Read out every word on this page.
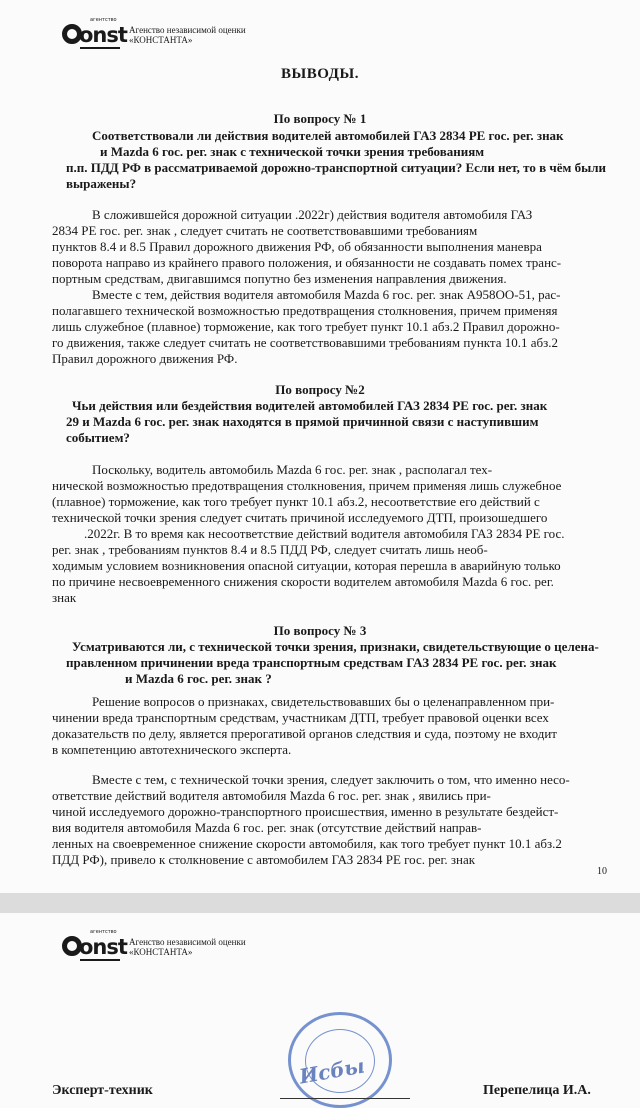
агентство
onst Агенство независимой оценки
«КОНСТАНТА»
ВЫВОДЫ.
По вопросу № 1
Соответствовали ли действия водителей автомобилей ГАЗ 2834 РЕ гос. рег. знак
и Mazda 6 гос. рег. знак с технической точки зрения требованиям
п.п. ПДД РФ в рассматриваемой дорожно-транспортной ситуации? Если нет, то в чём были
выражены?
В сложившейся дорожной ситуации .2022г) действия водителя автомобиля ГАЗ
2834 РЕ гос. рег. знак , следует считать не соответствовавшими требованиям
пунктов 8.4 и 8.5 Правил дорожного движения РФ, об обязанности выполнения маневра
поворота направо из крайнего правого положения, и обязанности не создавать помех транс-
портным средствам, двигавшимся попутно без изменения направления движения.
Вместе с тем, действия водителя автомобиля Mazda 6 гос. рег. знак А958ОО-51, рас-
полагавшего технической возможностью предотвращения столкновения, причем применяя
лишь служебное (плавное) торможение, как того требует пункт 10.1 абз.2 Правил дорожно-
го движения, также следует считать не соответствовавшими требованиям пункта 10.1 абз.2
Правил дорожного движения РФ.
По вопросу №2
Чьи действия или бездействия водителей автомобилей ГАЗ 2834 РЕ гос. рег. знак
29 и Mazda 6 гос. рег. знак находятся в прямой причинной связи с наступившим
событием?
Поскольку, водитель автомобиль Mazda 6 гос. рег. знак , располагал тех-
нической возможностью предотвращения столкновения, причем применяя лишь служебное
(плавное) торможение, как того требует пункт 10.1 абз.2, несоответствие его действий с
технической точки зрения следует считать причиной исследуемого ДТП, произошедшего
.2022г. В то время как несоответствие действий водителя автомобиля ГАЗ 2834 РЕ гос.
рег. знак , требованиям пунктов 8.4 и 8.5 ПДД РФ, следует считать лишь необ-
ходимым условием возникновения опасной ситуации, которая перешла в аварийную только
по причине несвоевременного снижения скорости водителем автомобиля Mazda 6 гос. рег.
знак
По вопросу № 3
Усматриваются ли, с технической точки зрения, признаки, свидетельствующие о целена-
правленном причинении вреда транспортным средствам ГАЗ 2834 РЕ гос. рег. знак
и Mazda 6 гос. рег. знак ?
Решение вопросов о признаках, свидетельствовавших бы о целенаправленном при-
чинении вреда транспортным средствам, участникам ДТП, требует правовой оценки всех
доказательств по делу, является прерогативой органов следствия и суда, поэтому не входит
в компетенцию автотехнического эксперта.
Вместе с тем, с технической точки зрения, следует заключить о том, что именно несо-
ответствие действий водителя автомобиля Mazda 6 гос. рег. знак , явились при-
чиной исследуемого дорожно-транспортного происшествия, именно в результате бездейст-
вия водителя автомобиля Mazda 6 гос. рег. знак (отсутствие действий направ-
ленных на своевременное снижение скорости автомобиля, как того требует пункт 10.1 абз.2
ПДД РФ), привело к столкновение с автомобилем ГАЗ 2834 РЕ гос. рег. знак
10
агентство
onst Агенство независимой оценки
«КОНСТАНТА»
Исбы
Эксперт-техник	Перепелица И.А.
